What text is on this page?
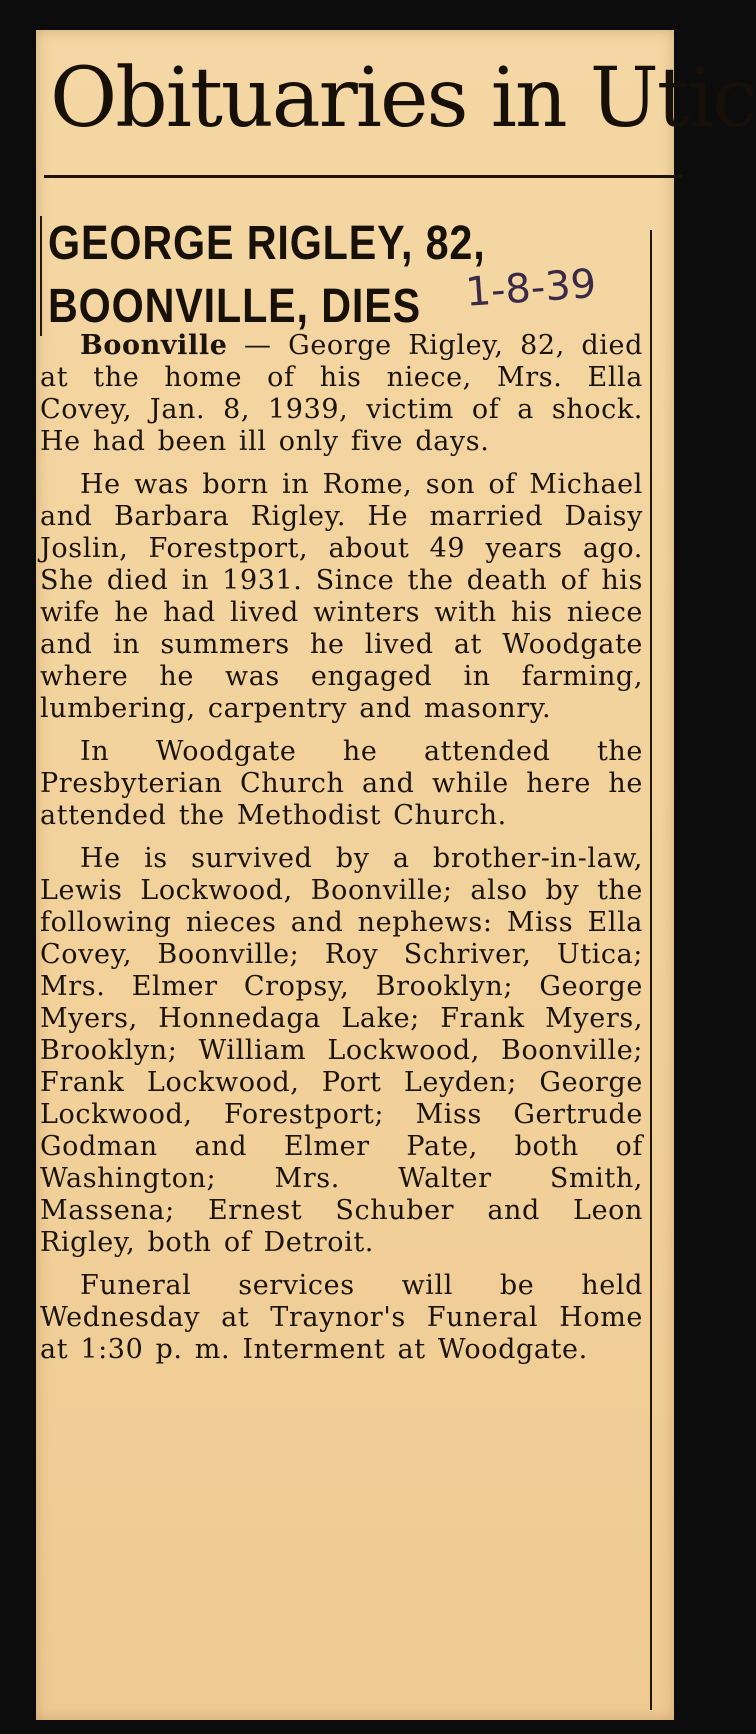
Obituaries in Utic
GEORGE RIGLEY, 82,
BOONVILLE, DIES	1-8-39

Boonville — George Rigley, 82, died at the home of his niece, Mrs. Ella Covey, Jan. 8, 1939, victim of a shock. He had been ill only five days.

He was born in Rome, son of Michael and Barbara Rigley. He married Daisy Joslin, Forestport, about 49 years ago. She died in 1931. Since the death of his wife he had lived winters with his niece and in summers he lived at Woodgate where he was engaged in farming, lumbering, carpentry and masonry.

In Woodgate he attended the Presbyterian Church and while here he attended the Methodist Church.

He is survived by a brother-in-law, Lewis Lockwood, Boonville; also by the following nieces and nephews: Miss Ella Covey, Boonville; Roy Schriver, Utica; Mrs. Elmer Cropsy, Brooklyn; George Myers, Honnedaga Lake; Frank Myers, Brooklyn; William Lockwood, Boonville; Frank Lockwood, Port Leyden; George Lockwood, Forestport; Miss Gertrude Godman and Elmer Pate, both of Washington; Mrs. Walter Smith, Massena; Ernest Schuber and Leon Rigley, both of Detroit.

Funeral services will be held Wednesday at Traynor's Funeral Home at 1:30 p. m. Interment at Woodgate.
